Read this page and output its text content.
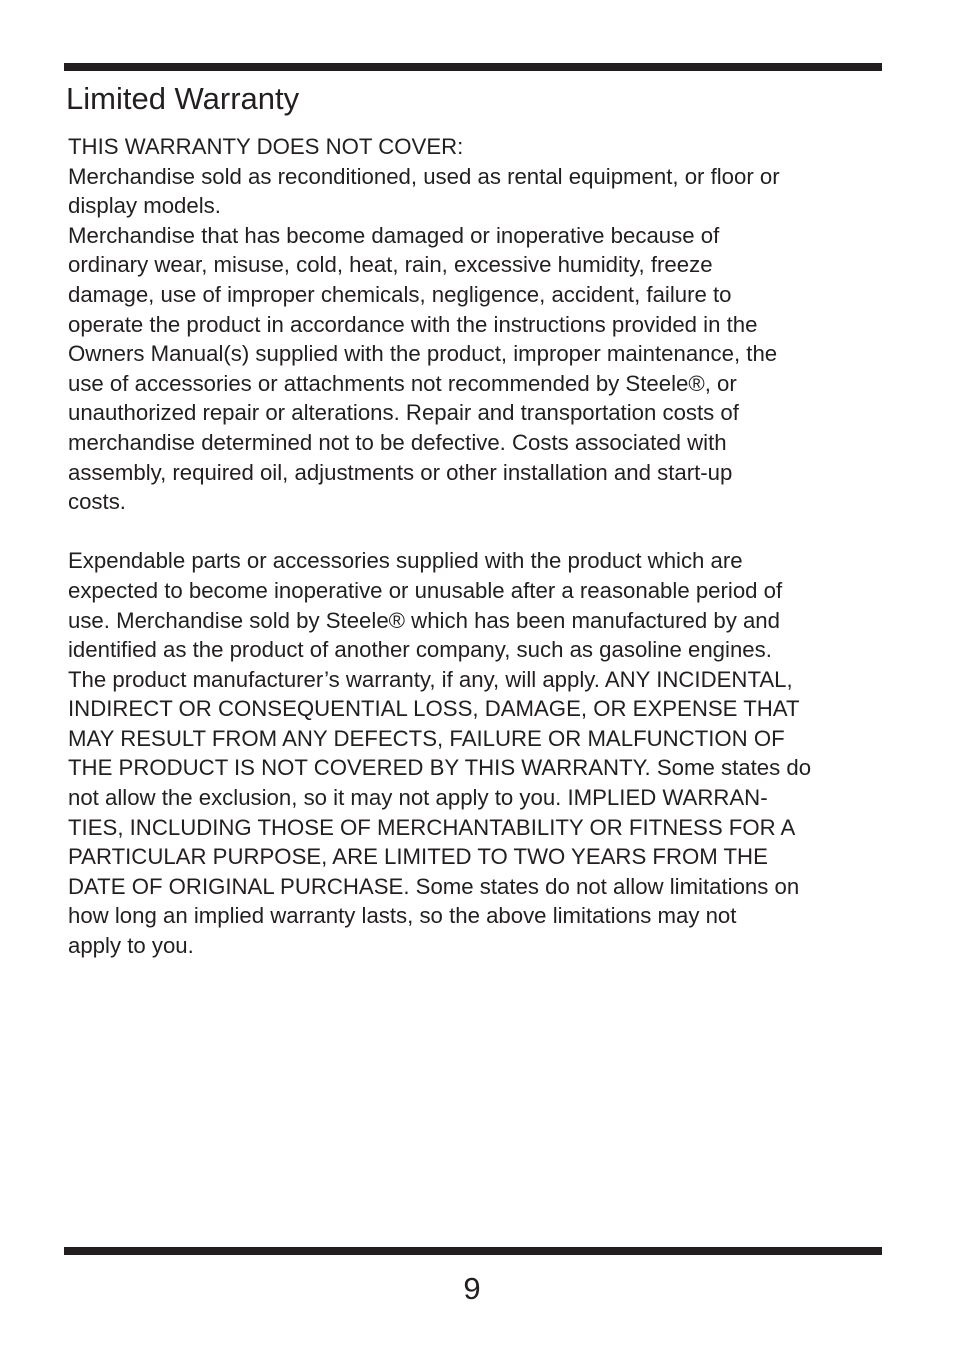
Limited Warranty
THIS WARRANTY DOES NOT COVER:
Merchandise sold as reconditioned, used as rental equipment, or floor or
display models.
Merchandise that has become damaged or inoperative because of
ordinary wear, misuse, cold, heat, rain, excessive humidity, freeze
damage, use of improper chemicals, negligence, accident, failure to
operate the product in accordance with the instructions provided in the
Owners Manual(s) supplied with the product, improper maintenance, the
use of accessories or attachments not recommended by Steele®, or
unauthorized repair or alterations. Repair and transportation costs of
merchandise determined not to be defective. Costs associated with
assembly, required oil, adjustments or other installation and start-up
costs.
Expendable parts or accessories supplied with the product which are
expected to become inoperative or unusable after a reasonable period of
use. Merchandise sold by Steele® which has been manufactured by and
identified as the product of another company, such as gasoline engines.
The product manufacturer’s warranty, if any, will apply. ANY INCIDENTAL,
INDIRECT OR CONSEQUENTIAL LOSS, DAMAGE, OR EXPENSE THAT
MAY RESULT FROM ANY DEFECTS, FAILURE OR MALFUNCTION OF
THE PRODUCT IS NOT COVERED BY THIS WARRANTY. Some states do
not allow the exclusion, so it may not apply to you. IMPLIED WARRAN-
TIES, INCLUDING THOSE OF MERCHANTABILITY OR FITNESS FOR A
PARTICULAR PURPOSE, ARE LIMITED TO TWO YEARS FROM THE
DATE OF ORIGINAL PURCHASE. Some states do not allow limitations on
how long an implied warranty lasts, so the above limitations may not
apply to you.
9
